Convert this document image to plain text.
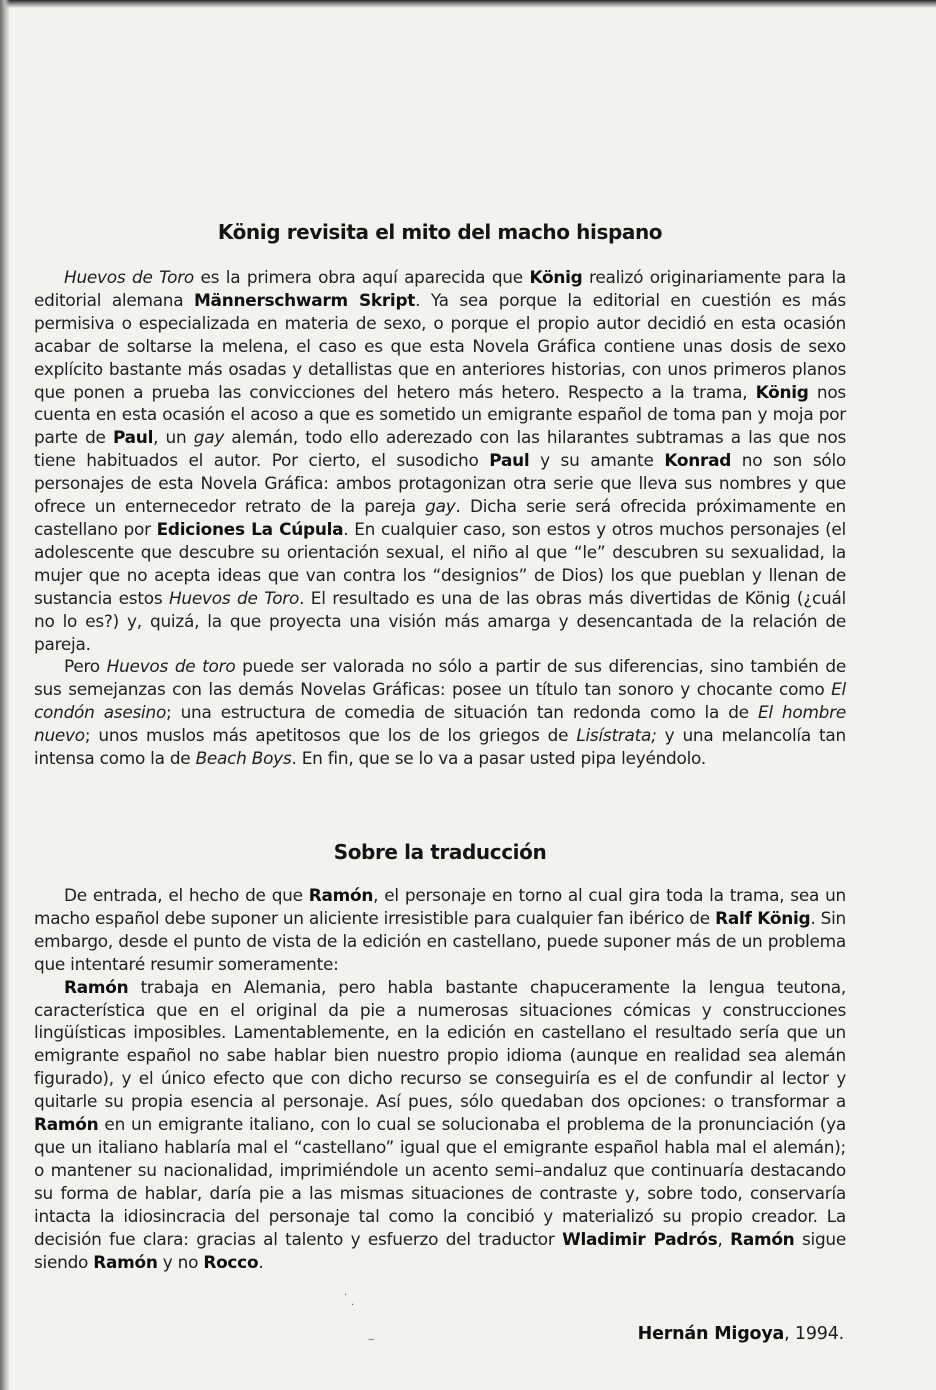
König revisita el mito del macho hispano

Huevos de Toro es la primera obra aquí aparecida que König realizó originariamente para la editorial alemana Männerschwarm Skript. Ya sea porque la editorial en cuestión es más permisiva o especializada en materia de sexo, o porque el propio autor decidió en esta ocasión acabar de soltarse la melena, el caso es que esta Novela Gráfica contiene unas dosis de sexo explícito bastante más osadas y detallistas que en anteriores historias, con unos primeros planos que ponen a prueba las convicciones del hetero más hetero. Respecto a la trama, König nos cuenta en esta ocasión el acoso a que es sometido un emigrante español de toma pan y moja por parte de Paul, un gay alemán, todo ello aderezado con las hilarantes subtramas a las que nos tiene habituados el autor. Por cierto, el susodicho Paul y su amante Konrad no son sólo personajes de esta Novela Gráfica: ambos protagonizan otra serie que lleva sus nombres y que ofrece un enternecedor retrato de la pareja gay. Dicha serie será ofrecida próximamente en castellano por Ediciones La Cúpula. En cualquier caso, son estos y otros muchos personajes (el adolescente que descubre su orientación sexual, el niño al que “le” descubren su sexualidad, la mujer que no acepta ideas que van contra los “designios” de Dios) los que pueblan y llenan de sustancia estos Huevos de Toro. El resultado es una de las obras más divertidas de König (¿cuál no lo es?) y, quizá, la que proyecta una visión más amarga y desencantada de la relación de pareja.

Pero Huevos de toro puede ser valorada no sólo a partir de sus diferencias, sino también de sus semejanzas con las demás Novelas Gráficas: posee un título tan sonoro y chocante como El condón asesino; una estructura de comedia de situación tan redonda como la de El hombre nuevo; unos muslos más apetitosos que los de los griegos de Lisístrata; y una melancolía tan intensa como la de Beach Boys. En fin, que se lo va a pasar usted pipa leyéndolo.

Sobre la traducción

De entrada, el hecho de que Ramón, el personaje en torno al cual gira toda la trama, sea un macho español debe suponer un aliciente irresistible para cualquier fan ibérico de Ralf König. Sin embargo, desde el punto de vista de la edición en castellano, puede suponer más de un problema que intentaré resumir someramente:

Ramón trabaja en Alemania, pero habla bastante chapuceramente la lengua teutona, característica que en el original da pie a numerosas situaciones cómicas y construcciones lingüísticas imposibles. Lamentablemente, en la edición en castellano el resultado sería que un emigrante español no sabe hablar bien nuestro propio idioma (aunque en realidad sea alemán figurado), y el único efecto que con dicho recurso se conseguiría es el de confundir al lector y quitarle su propia esencia al personaje. Así pues, sólo quedaban dos opciones: o transformar a Ramón en un emigrante italiano, con lo cual se solucionaba el problema de la pronunciación (ya que un italiano hablaría mal el “castellano” igual que el emigrante español habla mal el alemán); o mantener su nacionalidad, imprimiéndole un acento semi–andaluz que continuaría destacando su forma de hablar, daría pie a las mismas situaciones de contraste y, sobre todo, conservaría intacta la idiosincracia del personaje tal como la concibió y materializó su propio creador. La decisión fue clara: gracias al talento y esfuerzo del traductor Wladimir Padrós, Ramón sigue siendo Ramón y no Rocco.

Hernán Migoya, 1994.
·
·
‒
